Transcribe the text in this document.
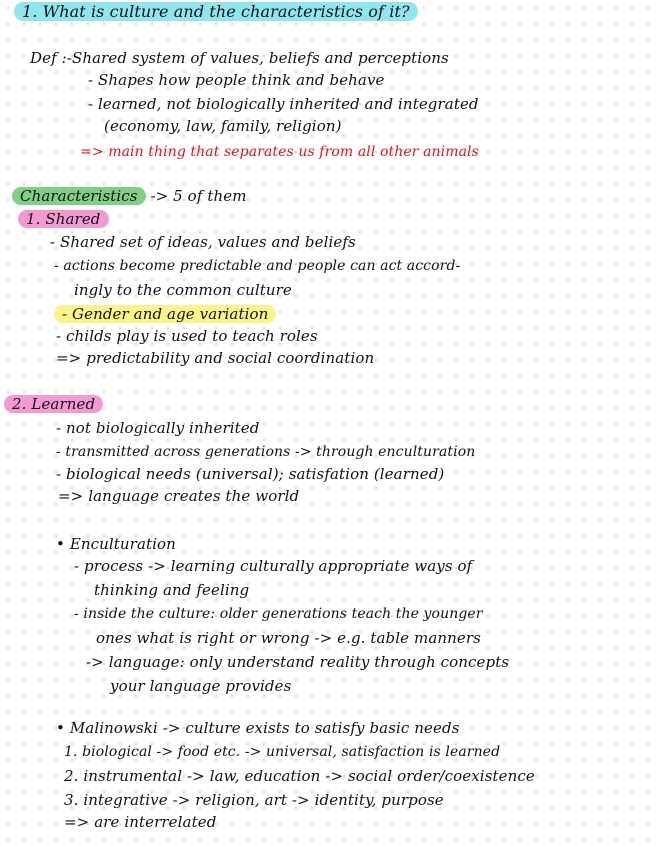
1. What is culture and the characteristics of it?
Def :-Shared system of values, beliefs and perceptions
- Shapes how people think and behave
- learned, not biologically inherited and integrated
(economy, law, family, religion)
=> main thing that separates us from all other animals
Characteristics -> 5 of them
1. Shared
- Shared set of ideas, values and beliefs
- actions become predictable and people can act accord-
ingly to the common culture
- Gender and age variation
- childs play is used to teach roles
=> predictability and social coordination
2. Learned
- not biologically inherited
- transmitted across generations -> through enculturation
- biological needs (universal); satisfation (learned)
=> language creates the world
• Enculturation
- process -> learning culturally appropriate ways of
thinking and feeling
- inside the culture: older generations teach the younger
ones what is right or wrong -> e.g. table manners
-> language: only understand reality through concepts
your language provides
• Malinowski -> culture exists to satisfy basic needs
1. biological -> food etc. -> universal, satisfaction is learned
2. instrumental -> law, education -> social order/coexistence
3. integrative -> religion, art -> identity, purpose
=> are interrelated
